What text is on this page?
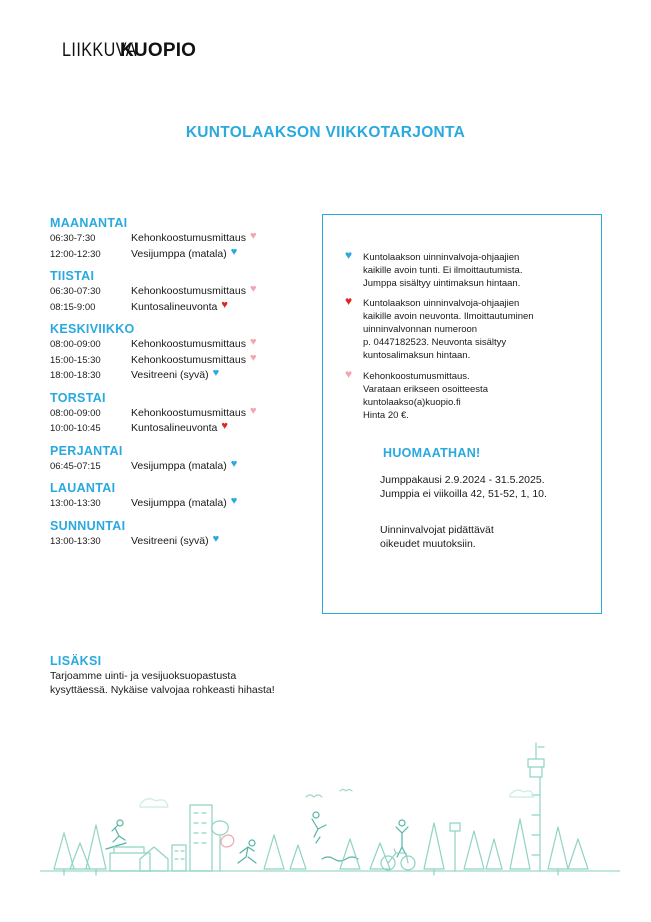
LIIKKUVA
KUOPIO
KUNTOLAAKSON VIIKKOTARJONTA
MAANANTAI
06:30-7:30	Kehonkoostumusmittaus ♥
12:00-12:30	Vesijumppa (matala) ♥
TIISTAI
06:30-07:30	Kehonkoostumusmittaus ♥
08:15-9:00	Kuntosalineuvonta ♥
KESKIVIIKKO
08:00-09:00	Kehonkoostumusmittaus ♥
15:00-15:30	Kehonkoostumusmittaus ♥
18:00-18:30	Vesitreeni (syvä) ♥
TORSTAI
08:00-09:00	Kehonkoostumusmittaus ♥
10:00-10:45	Kuntosalineuvonta ♥
PERJANTAI
06:45-07:15	Vesijumppa (matala) ♥
LAUANTAI
13:00-13:30	Vesijumppa (matala) ♥
SUNNUNTAI
13:00-13:30	Vesitreeni (syvä) ♥
♥ Kuntolaakson uinninvalvoja-ohjaajien
kaikille avoin tunti. Ei ilmoittautumista.
Jumppa sisältyy uintimaksun hintaan.
♥ Kuntolaakson uinninvalvoja-ohjaajien
kaikille avoin neuvonta. Ilmoittautuminen
uinninvalvonnan numeroon
p. 0447182523. Neuvonta sisältyy
kuntosalimaksun hintaan.
♥ Kehonkoostumusmittaus.
Varataan erikseen osoitteesta
kuntolaakso(a)kuopio.fi
Hinta 20 €.
HUOMAATHAN!
Jumppakausi 2.9.2024 - 31.5.2025.
Jumppia ei viikoilla 42, 51-52, 1, 10.
Uinninvalvojat pidättävät
oikeudet muutoksiin.
LISÄKSI
Tarjoamme uinti- ja vesijuoksuopastusta
kysyttäessä. Nykäise valvojaa rohkeasti hihasta!
